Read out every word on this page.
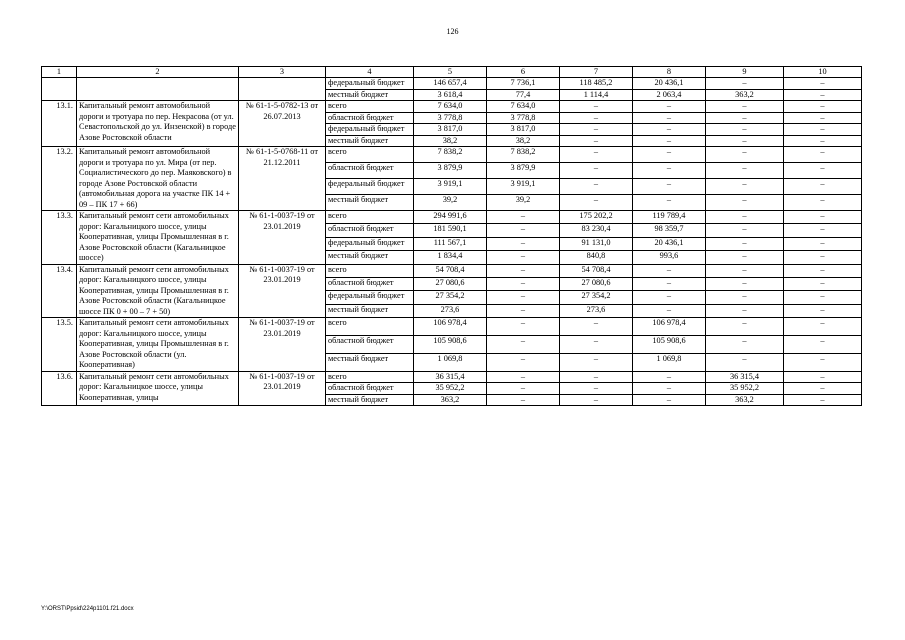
126
1	2	3	4	5	6	7	8	9	10
			федеральный бюджет	146 657,4	7 736,1	118 485,2	20 436,1	–	–
			местный бюджет	3 618,4	77,4	1 114,4	2 063,4	363,2	–
13.1.	Капитальный ремонт автомобильной дороги и тротуара по пер. Некрасова (от ул. Севастопольской до ул. Инзенской) в городе Азове Ростовской области	№ 61-1-5-0782-13 от 26.07.2013	всего	7 634,0	7 634,0	–	–	–	–
			областной бюджет	3 778,8	3 778,8	–	–	–	–
			федеральный бюджет	3 817,0	3 817,0	–	–	–	–
			местный бюджет	38,2	38,2	–	–	–	–
13.2.	Капитальный ремонт автомобильной дороги и тротуара по ул. Мира (от пер. Социалистического до пер. Маяковского) в городе Азове Ростовской области (автомобильная дорога на участке ПК 14 + 09 – ПК 17 + 66)	№ 61-1-5-0768-11 от 21.12.2011	всего	7 838,2	7 838,2	–	–	–	–
			областной бюджет	3 879,9	3 879,9	–	–	–	–
			федеральный бюджет	3 919,1	3 919,1	–	–	–	–
			местный бюджет	39,2	39,2	–	–	–	–
13.3.	Капитальный ремонт сети автомобильных дорог: Кагальницкого шоссе, улицы Кооперативная, улицы Промышленная в г. Азове Ростовской области (Кагальницкое шоссе)	№ 61-1-0037-19 от 23.01.2019	всего	294 991,6	–	175 202,2	119 789,4	–	–
			областной бюджет	181 590,1	–	83 230,4	98 359,7	–	–
			федеральный бюджет	111 567,1	–	91 131,0	20 436,1	–	–
			местный бюджет	1 834,4	–	840,8	993,6	–	–
13.4.	Капитальный ремонт сети автомобильных дорог: Кагальницкого шоссе, улицы Кооперативная, улицы Промышленная в г. Азове Ростовской области (Кагальницкое шоссе ПК 0 + 00 – 7 + 50)	№ 61-1-0037-19 от 23.01.2019	всего	54 708,4	–	54 708,4	–	–	–
			областной бюджет	27 080,6	–	27 080,6	–	–	–
			федеральный бюджет	27 354,2	–	27 354,2	–	–	–
			местный бюджет	273,6	–	273,6	–	–	–
13.5.	Капитальный ремонт сети автомобильных дорог: Кагальницкого шоссе, улицы Кооперативная, улицы Промышленная в г. Азове Ростовской области (ул. Кооперативная)	№ 61-1-0037-19 от 23.01.2019	всего	106 978,4	–	–	106 978,4	–	–
			областной бюджет	105 908,6	–	–	105 908,6	–	–
			местный бюджет	1 069,8	–	–	1 069,8	–	–
13.6.	Капитальный ремонт сети автомобильных дорог: Кагальницкое шоссе, улицы Кооперативная, улицы	№ 61-1-0037-19 от 23.01.2019	всего	36 315,4	–	–	–	36 315,4	–
			областной бюджет	35 952,2	–	–	–	35 952,2	–
			местный бюджет	363,2	–	–	–	363,2	–
Y:\ORST\Ppsid\224p1101.f21.docx
